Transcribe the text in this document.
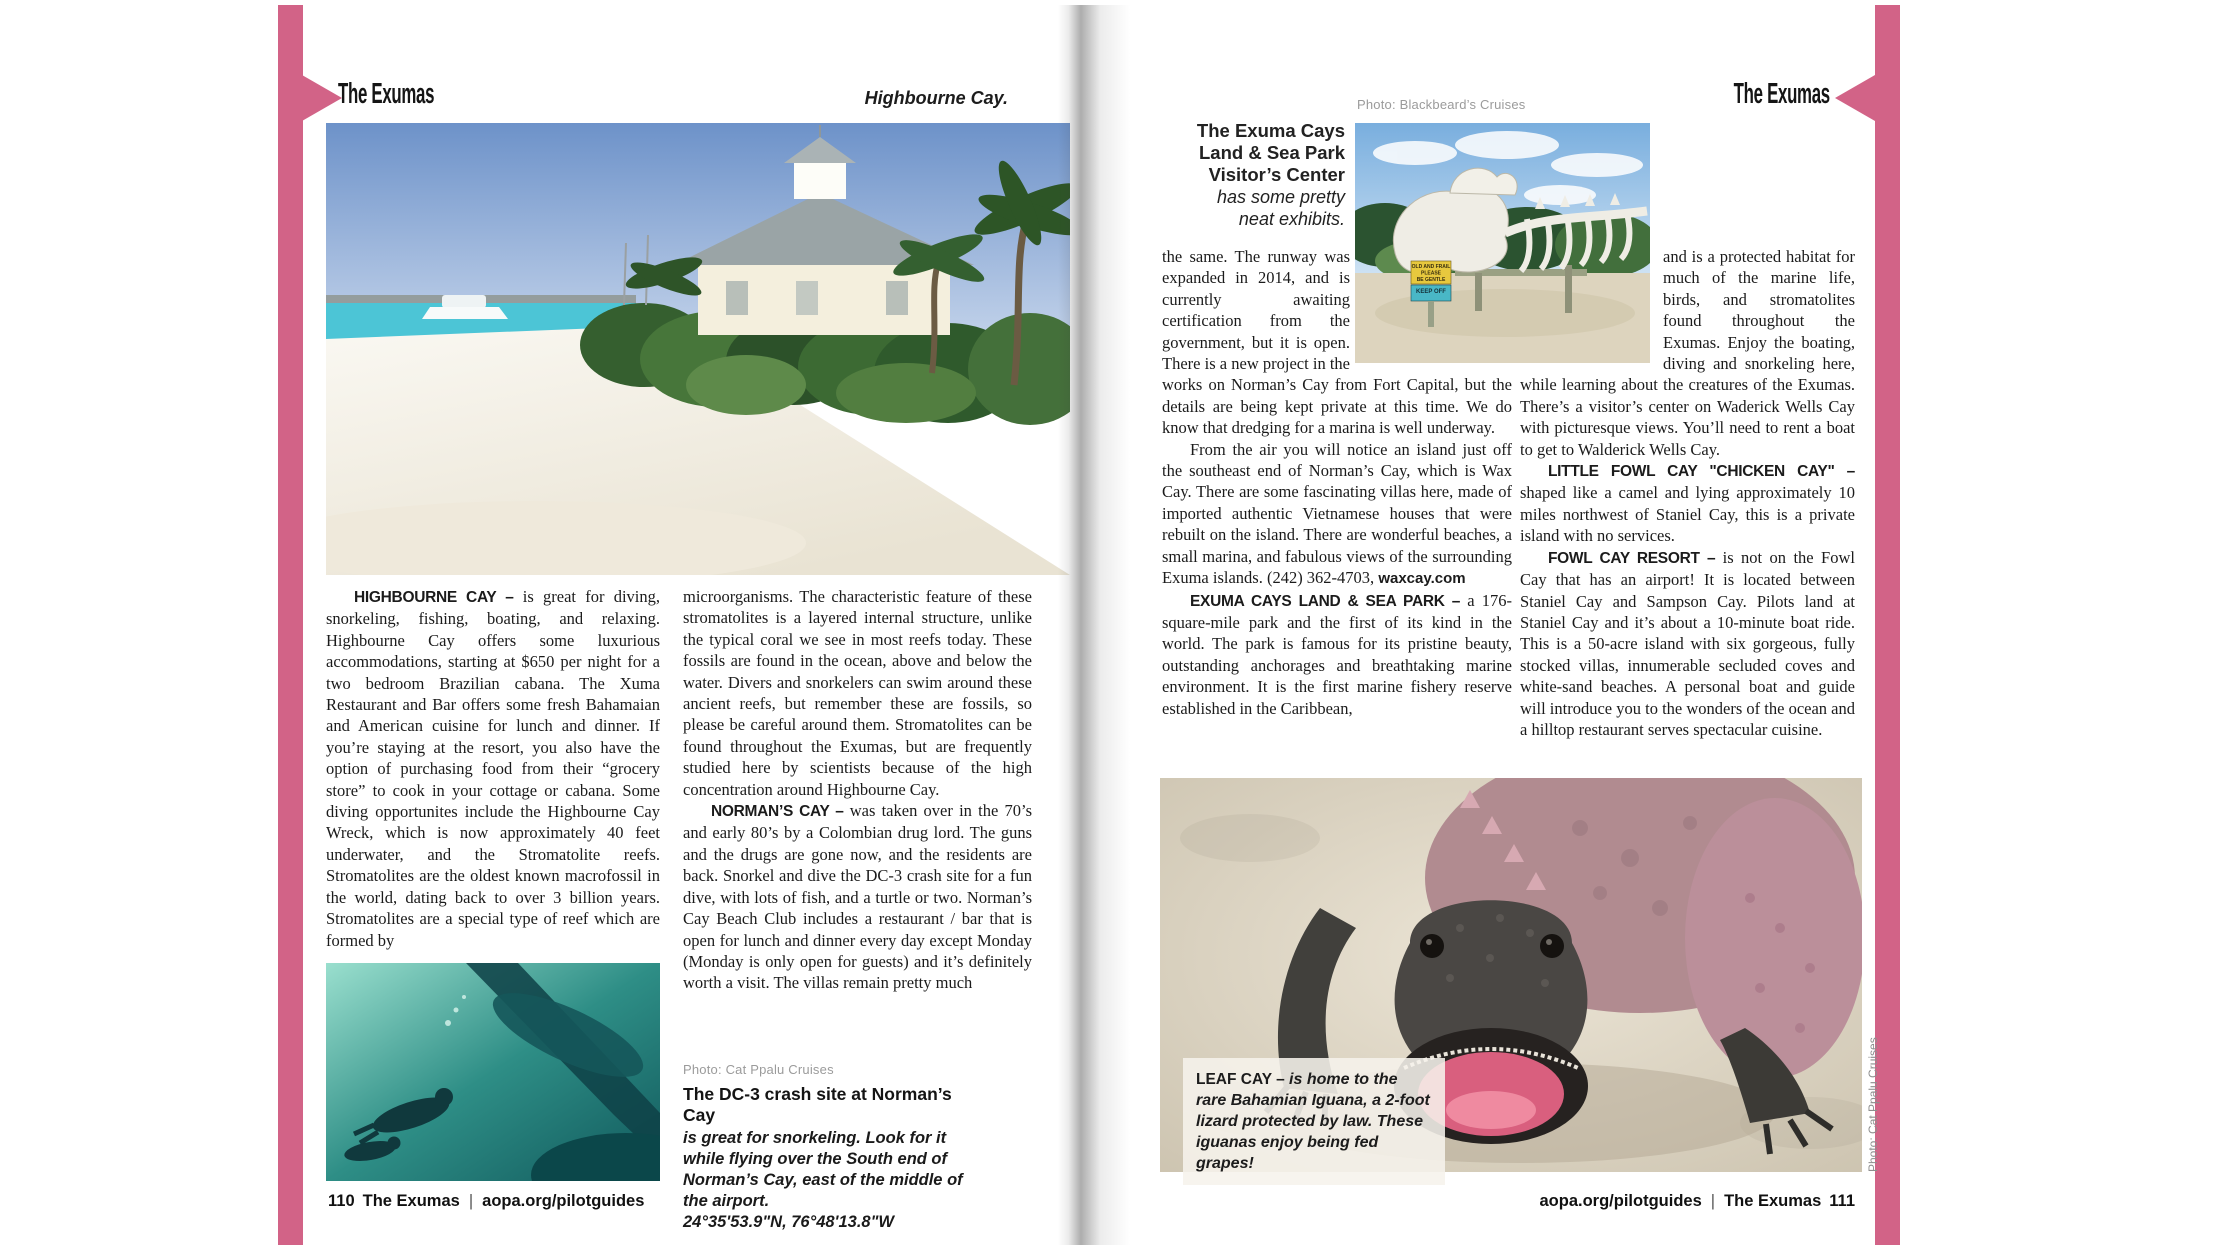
The Exumas	The Exumas
Highbourne Cay.

HIGHBOURNE CAY – is great for diving, snorkeling, fishing, boating, and relaxing. Highbourne Cay offers some luxurious accommodations, starting at $650 per night for a two bedroom Brazilian cabana. The Xuma Restaurant and Bar offers some fresh Bahamaian and American cuisine for lunch and dinner. If you’re staying at the resort, you also have the option of purchasing food from their “grocery store” to cook in your cottage or cabana. Some diving opportunites include the Highbourne Cay Wreck, which is now approximately 40 feet underwater, and the Stromatolite reefs. Stromatolites are the oldest known macrofossil in the world, dating back to over 3 billion years. Stromatolites are a special type of reef which are formed by

microorganisms. The characteristic feature of these stromatolites is a layered internal structure, unlike the typical coral we see in most reefs today. These fossils are found in the ocean, above and below the water. Divers and snorkelers can swim around these ancient reefs, but remember these are fossils, so please be careful around them. Stromatolites can be found throughout the Exumas, but are frequently studied here by scientists because of the high concentration around Highbourne Cay.

NORMAN’S CAY – was taken over in the 70’s and early 80’s by a Colombian drug lord. The guns and the drugs are gone now, and the residents are back. Snorkel and dive the DC-3 crash site for a fun dive, with lots of fish, and a turtle or two. Norman’s Cay Beach Club includes a restaurant / bar that is open for lunch and dinner every day except Monday (Monday is only open for guests) and it’s definitely worth a visit. The villas remain pretty much

Photo: Cat Ppalu Cruises
The DC-3 crash site at Norman’s Cay
is great for snorkeling. Look for it while flying over the South end of Norman’s Cay, east of the middle of the airport.
24°35'53.9"N, 76°48'13.8"W
110 The Exumas | aopa.org/pilotguides
Photo: Blackbeard’s Cruises
The Exuma Cays
Land & Sea Park
Visitor’s Center
has some pretty
neat exhibits.
OLD AND FRAIL
PLEASE
BE GENTLE
KEEP OFF

the same. The runway was expanded in 2014, and is currently awaiting certification from the government, but it is open. There is a new project in the works on Norman’s Cay from Fort Capital, but the details are being kept private at this time. We do know that dredging for a marina is well underway.

From the air you will notice an island just off the southeast end of Norman’s Cay, which is Wax Cay. There are some fascinating villas here, made of imported authentic Vietnamese houses that were rebuilt on the island. There are wonderful beaches, a small marina, and fabulous views of the surrounding Exuma islands. (242) 362-4703, waxcay.com

EXUMA CAYS LAND & SEA PARK – a 176-square-mile park and the first of its kind in the world. The park is famous for its pristine beauty, outstanding anchorages and breathtaking marine environment. It is the first marine fishery reserve established in the Caribbean,

and is a protected habitat for much of the marine life, birds, and stromatolites found throughout the Exumas. Enjoy the boating, diving and snorkeling here, while learning about the creatures of the Exumas. There’s a visitor’s center on Waderick Wells Cay with picturesque views. You’ll need to rent a boat to get to Walderick Wells Cay.

LITTLE FOWL CAY "CHICKEN CAY" – shaped like a camel and lying approximately 10 miles northwest of Staniel Cay, this is a private island with no services.

FOWL CAY RESORT – is not on the Fowl Cay that has an airport! It is located between Staniel Cay and Sampson Cay. Pilots land at Staniel Cay and it’s about a 10-minute boat ride. This is a 50-acre island with six gorgeous, fully stocked villas, innumerable secluded coves and white-sand beaches. A personal boat and guide will introduce you to the wonders of the ocean and a hilltop restaurant serves spectacular cuisine.

LEAF CAY – is home to the rare Bahamian Iguana, a 2-foot lizard protected by law. These iguanas enjoy being fed grapes!	Photo: Cat Ppalu Cruises
aopa.org/pilotguides | The Exumas 111
